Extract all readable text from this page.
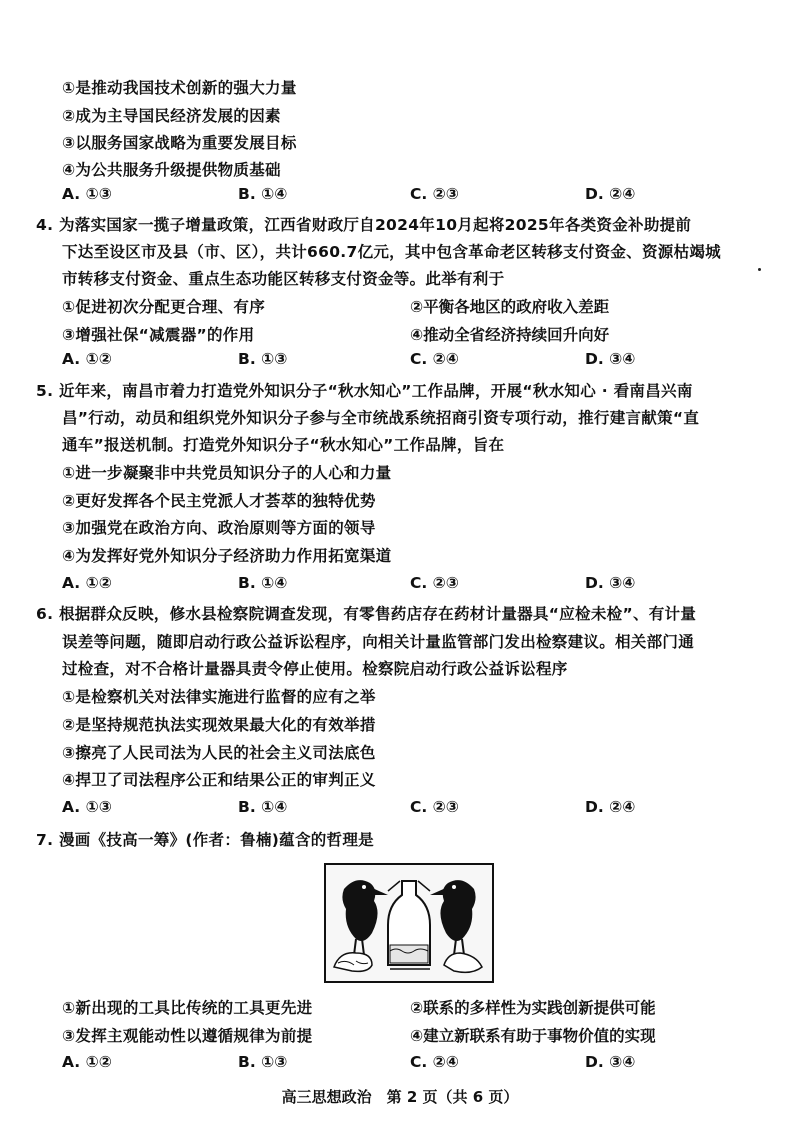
①是推动我国技术创新的强大力量
②成为主导国民经济发展的因素
③以服务国家战略为重要发展目标
④为公共服务升级提供物质基础
A. ①③	B. ①④	C. ②③	D. ②④
4. 为落实国家一揽子增量政策，江西省财政厅自2024年10月起将2025年各类资金补助提前
下达至设区市及县（市、区），共计660.7亿元，其中包含革命老区转移支付资金、资源枯竭城
市转移支付资金、重点生态功能区转移支付资金等。此举有利于
①促进初次分配更合理、有序	②平衡各地区的政府收入差距
③增强社保“减震器”的作用	④推动全省经济持续回升向好
A. ①②	B. ①③	C. ②④	D. ③④
5. 近年来，南昌市着力打造党外知识分子“秋水知心”工作品牌，开展“秋水知心 · 看南昌兴南
昌”行动，动员和组织党外知识分子参与全市统战系统招商引资专项行动，推行建言献策“直
通车”报送机制。打造党外知识分子“秋水知心”工作品牌，旨在
①进一步凝聚非中共党员知识分子的人心和力量
②更好发挥各个民主党派人才荟萃的独特优势
③加强党在政治方向、政治原则等方面的领导
④为发挥好党外知识分子经济助力作用拓宽渠道
A. ①②	B. ①④	C. ②③	D. ③④
6. 根据群众反映，修水县检察院调查发现，有零售药店存在药材计量器具“应检未检”、有计量
误差等问题，随即启动行政公益诉讼程序，向相关计量监管部门发出检察建议。相关部门通
过检查，对不合格计量器具责令停止使用。检察院启动行政公益诉讼程序
①是检察机关对法律实施进行监督的应有之举
②是坚持规范执法实现效果最大化的有效举措
③擦亮了人民司法为人民的社会主义司法底色
④捍卫了司法程序公正和结果公正的审判正义
A. ①③	B. ①④	C. ②③	D. ②④
7. 漫画《技高一筹》(作者：鲁楠)蕴含的哲理是
①新出现的工具比传统的工具更先进	②联系的多样性为实践创新提供可能
③发挥主观能动性以遵循规律为前提	④建立新联系有助于事物价值的实现
A. ①②	B. ①③	C. ②④	D. ③④
高三思想政治　第 2 页（共 6 页）
